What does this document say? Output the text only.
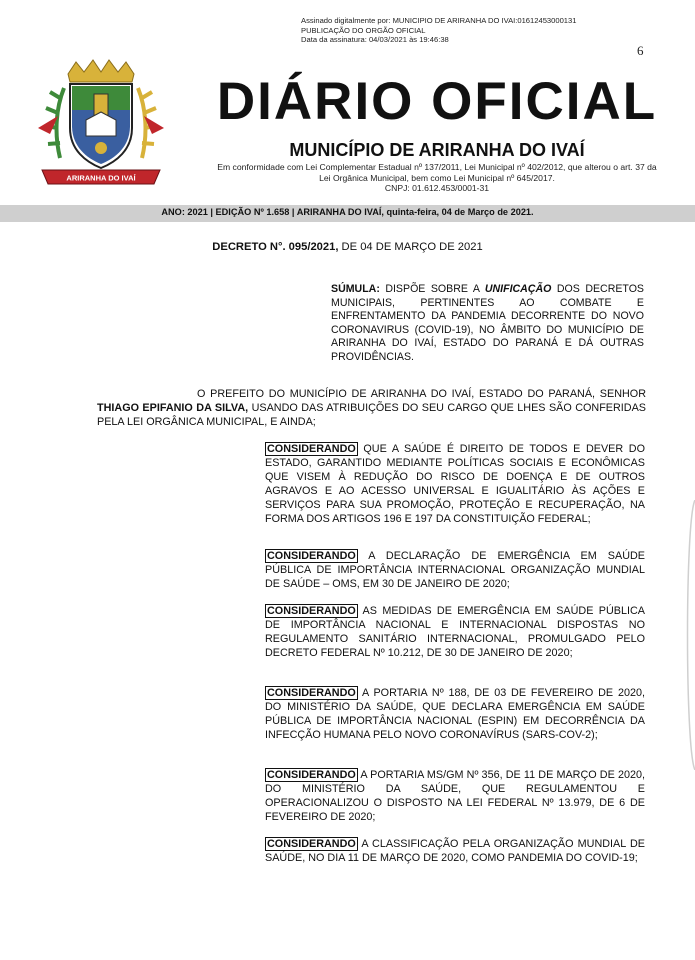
Assinado digitalmente por: MUNICIPIO DE ARIRANHA DO IVAI:01612453000131
PUBLICAÇÃO DO ORGÃO OFICIAL
Data da assinatura: 04/03/2021 às 19:46:38
6
ARIRANHA DO IVAÍ
DIÁRIO OFICIAL
MUNICÍPIO DE ARIRANHA DO IVAÍ
Em conformidade com Lei Complementar Estadual nº 137/2011, Lei Municipal nº 402/2012, que alterou o art. 37 da
Lei Orgânica Municipal, bem como Lei Municipal nº 645/2017.
CNPJ: 01.612.453/0001-31
ANO: 2021 | EDIÇÃO Nº 1.658 | ARIRANHA DO IVAÍ, quinta-feira, 04 de Março de 2021.
DECRETO N°. 095/2021, DE 04 DE MARÇO DE 2021
SÚMULA: DISPÕE SOBRE A UNIFICAÇÃO DOS DECRETOS MUNICIPAIS, PERTINENTES AO COMBATE E ENFRENTAMENTO DA PANDEMIA DECORRENTE DO NOVO CORONAVIRUS (COVID-19), NO ÂMBITO DO MUNICÍPIO DE ARIRANHA DO IVAÍ, ESTADO DO PARANÁ E DÁ OUTRAS PROVIDÊNCIAS.
O PREFEITO DO MUNICÍPIO DE ARIRANHA DO IVAÍ, ESTADO DO PARANÁ, SENHOR THIAGO EPIFANIO DA SILVA, USANDO DAS ATRIBUIÇÕES DO SEU CARGO QUE LHES SÃO CONFERIDAS PELA LEI ORGÂNICA MUNICIPAL, E AINDA;
CONSIDERANDO QUE A SAÚDE É DIREITO DE TODOS E DEVER DO ESTADO, GARANTIDO MEDIANTE POLÍTICAS SOCIAIS E ECONÔMICAS QUE VISEM À REDUÇÃO DO RISCO DE DOENÇA E DE OUTROS AGRAVOS E AO ACESSO UNIVERSAL E IGUALITÁRIO ÀS AÇÕES E SERVIÇOS PARA SUA PROMOÇÃO, PROTEÇÃO E RECUPERAÇÃO, NA FORMA DOS ARTIGOS 196 E 197 DA CONSTITUIÇÃO FEDERAL;
CONSIDERANDO A DECLARAÇÃO DE EMERGÊNCIA EM SAÚDE PÚBLICA DE IMPORTÂNCIA INTERNACIONAL ORGANIZAÇÃO MUNDIAL DE SAÚDE – OMS, EM 30 DE JANEIRO DE 2020;
CONSIDERANDO AS MEDIDAS DE EMERGÊNCIA EM SAÚDE PÚBLICA DE IMPORTÂNCIA NACIONAL E INTERNACIONAL DISPOSTAS NO REGULAMENTO SANITÁRIO INTERNACIONAL, PROMULGADO PELO DECRETO FEDERAL Nº 10.212, DE 30 DE JANEIRO DE 2020;
CONSIDERANDO A PORTARIA Nº 188, DE 03 DE FEVEREIRO DE 2020, DO MINISTÉRIO DA SAÚDE, QUE DECLARA EMERGÊNCIA EM SAÚDE PÚBLICA DE IMPORTÂNCIA NACIONAL (ESPIN) EM DECORRÊNCIA DA INFECÇÃO HUMANA PELO NOVO CORONAVÍRUS (SARS-COV-2);
CONSIDERANDO A PORTARIA MS/GM Nº 356, DE 11 DE MARÇO DE 2020, DO MINISTÉRIO DA SAÚDE, QUE REGULAMENTOU E OPERACIONALIZOU O DISPOSTO NA LEI FEDERAL Nº 13.979, DE 6 DE FEVEREIRO DE 2020;
CONSIDERANDO A CLASSIFICAÇÃO PELA ORGANIZAÇÃO MUNDIAL DE SAÚDE, NO DIA 11 DE MARÇO DE 2020, COMO PANDEMIA DO COVID-19;
